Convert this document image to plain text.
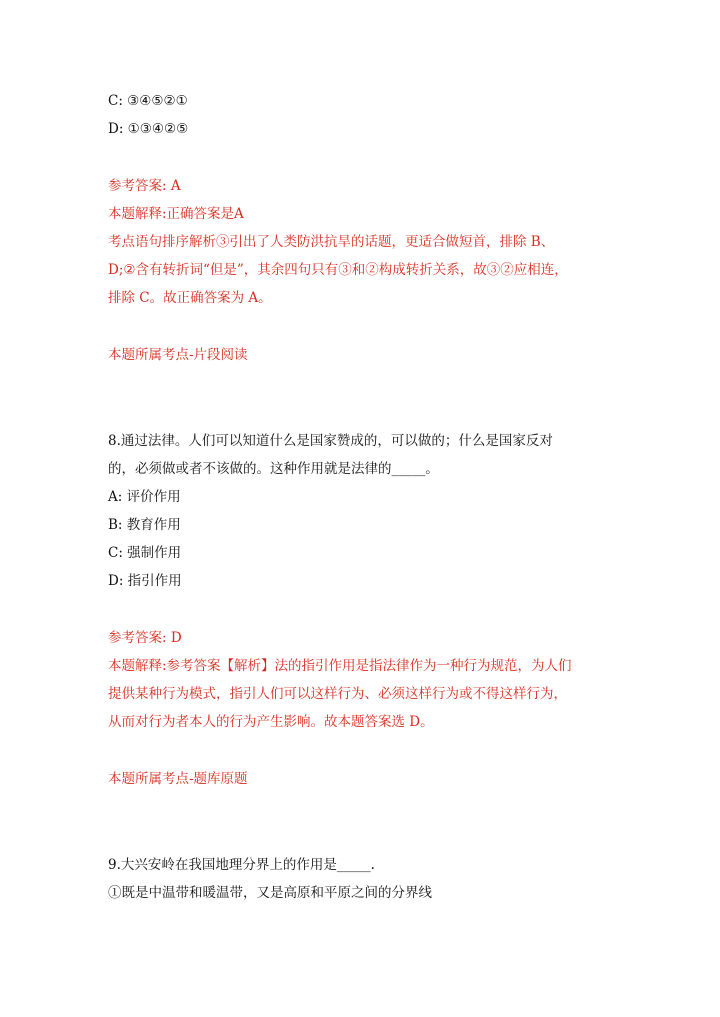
C: ③④⑤②①
D: ①③④②⑤
参考答案: A
本题解释:正确答案是A
考点语句排序解析③引出了人类防洪抗旱的话题，更适合做短首，排除 B、
D;②含有转折词“但是”，其余四句只有③和②构成转折关系，故③②应相连，
排除 C。故正确答案为 A。
本题所属考点-片段阅读
8.通过法律。人们可以知道什么是国家赞成的，可以做的；什么是国家反对
的，必须做或者不该做的。这种作用就是法律的_____。
A: 评价作用
B: 教育作用
C: 强制作用
D: 指引作用
参考答案: D
本题解释:参考答案【解析】法的指引作用是指法律作为一种行为规范，为人们
提供某种行为模式，指引人们可以这样行为、必须这样行为或不得这样行为，
从而对行为者本人的行为产生影响。故本题答案选 D。
本题所属考点-题库原题
9.大兴安岭在我国地理分界上的作用是_____.
①既是中温带和暖温带，又是高原和平原之间的分界线
